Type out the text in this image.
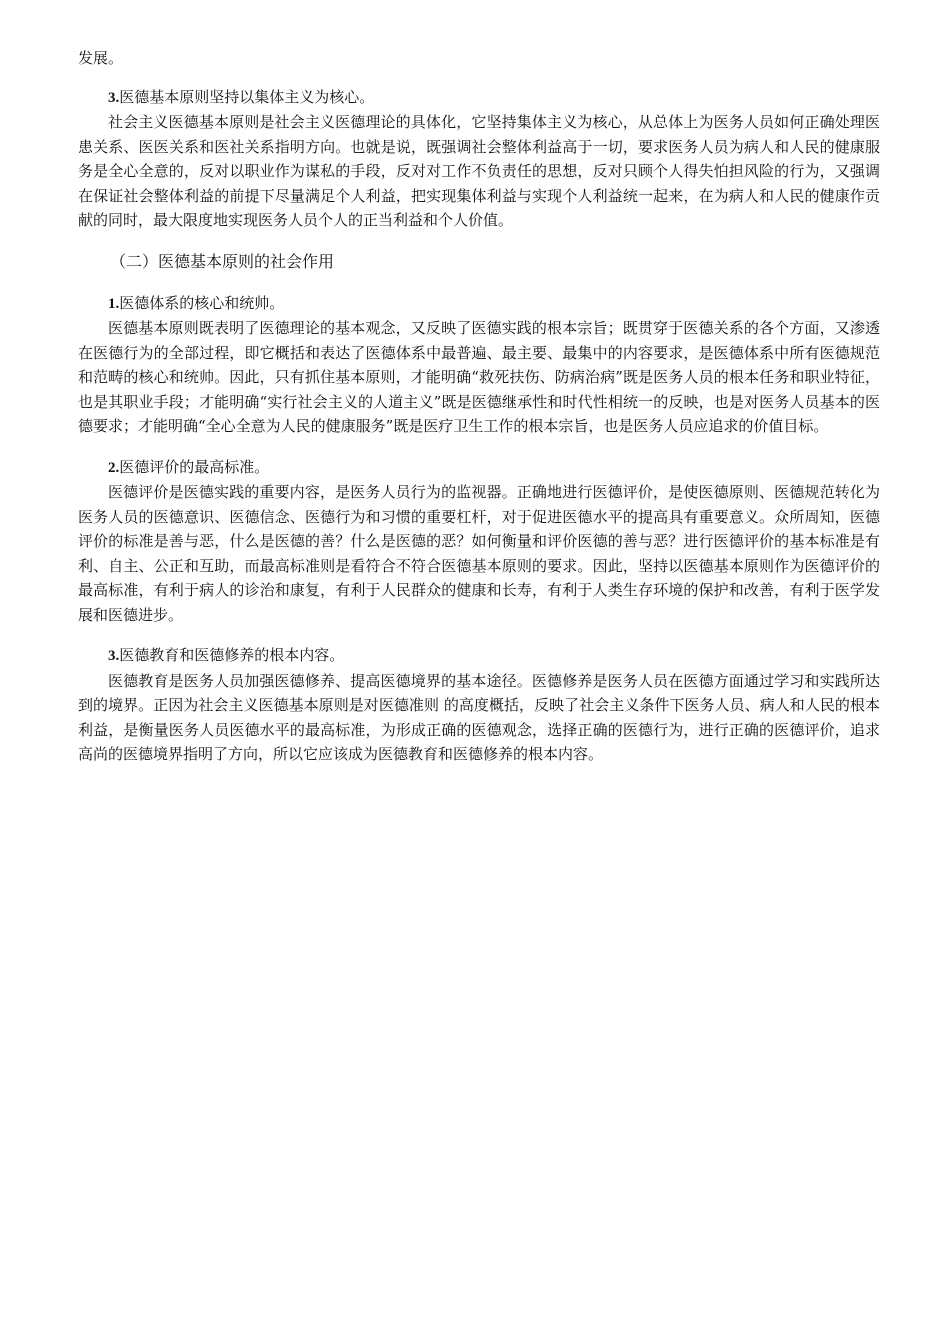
发展。

3.医德基本原则坚持以集体主义为核心。

社会主义医德基本原则是社会主义医德理论的具体化，它坚持集体主义为核心，从总体上为医务人员如何正确处理医患关系、医医关系和医社关系指明方向。也就是说，既强调社会整体利益高于一切，要求医务人员为病人和人民的健康服务是全心全意的，反对以职业作为谋私的手段，反对对工作不负责任的思想，反对只顾个人得失怕担风险的行为，又强调在保证社会整体利益的前提下尽量满足个人利益，把实现集体利益与实现个人利益统一起来，在为病人和人民的健康作贡献的同时，最大限度地实现医务人员个人的正当利益和个人价值。

（二）医德基本原则的社会作用

1.医德体系的核心和统帅。

医德基本原则既表明了医德理论的基本观念，又反映了医德实践的根本宗旨；既贯穿于医德关系的各个方面，又渗透在医德行为的全部过程，即它概括和表达了医德体系中最普遍、最主要、最集中的内容要求，是医德体系中所有医德规范和范畴的核心和统帅。因此，只有抓住基本原则，才能明确“救死扶伤、防病治病”既是医务人员的根本任务和职业特征，也是其职业手段；才能明确“实行社会主义的人道主义”既是医德继承性和时代性相统一的反映，也是对医务人员基本的医德要求；才能明确“全心全意为人民的健康服务”既是医疗卫生工作的根本宗旨，也是医务人员应追求的价值目标。

2.医德评价的最高标准。

医德评价是医德实践的重要内容，是医务人员行为的监视器。正确地进行医德评价，是使医德原则、医德规范转化为医务人员的医德意识、医德信念、医德行为和习惯的重要杠杆，对于促进医德水平的提高具有重要意义。众所周知，医德评价的标准是善与恶，什么是医德的善？什么是医德的恶？如何衡量和评价医德的善与恶？进行医德评价的基本标准是有利、自主、公正和互助，而最高标准则是看符合不符合医德基本原则的要求。因此，坚持以医德基本原则作为医德评价的最高标准，有利于病人的诊治和康复，有利于人民群众的健康和长寿，有利于人类生存环境的保护和改善，有利于医学发展和医德进步。

3.医德教育和医德修养的根本内容。

医德教育是医务人员加强医德修养、提高医德境界的基本途径。医德修养是医务人员在医德方面通过学习和实践所达到的境界。正因为社会主义医德基本原则是对医德准则 的高度概括，反映了社会主义条件下医务人员、病人和人民的根本利益，是衡量医务人员医德水平的最高标准，为形成正确的医德观念，选择正确的医德行为，进行正确的医德评价，追求高尚的医德境界指明了方向，所以它应该成为医德教育和医德修养的根本内容。
